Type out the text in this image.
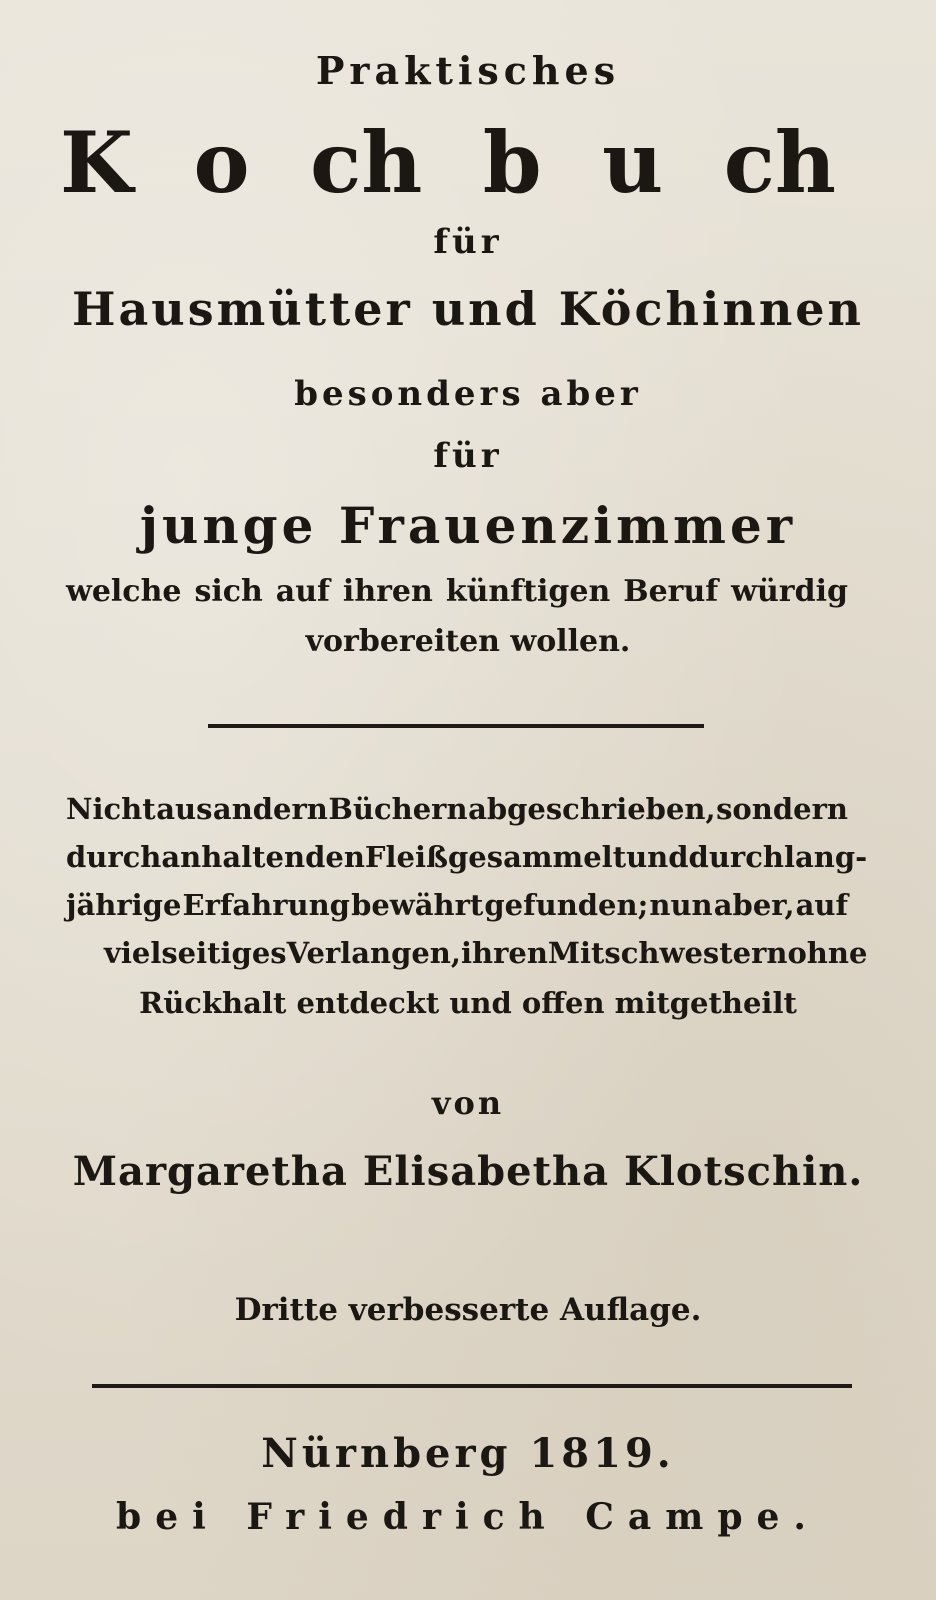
Praktisches
K o ch b u ch
für
Hausmütter und Köchinnen
besonders aber
für
junge Frauenzimmer
welche sich auf ihren künftigen Beruf würdig
vorbereiten wollen.
Nicht aus andern Büchern abgeschrieben, sondern
durch anhaltenden Fleiß gesammelt und durch lang-
jährige Erfahrung bewährt gefunden; nun aber, auf
vielseitiges Verlangen, ihren Mitschwestern ohne
Rückhalt entdeckt und offen mitgetheilt
von
Margaretha Elisabetha Klotschin.
Dritte verbesserte Auflage.
Nürnberg 1819.
bei Friedrich Campe.
